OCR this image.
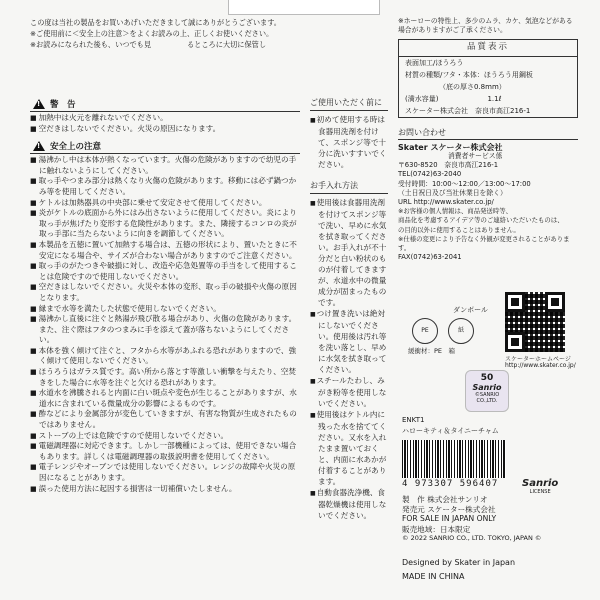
この度は当社の製品をお買いあげいただきまして誠にありがとうございます。
※ご使用前に＜安全上の注意＞をよくお読みの上、正しくお使いください。
※お読みになられた後も、いつでも見　　　　　るところに大切に保管し
!
警　告

■ 加熱中は火元を離れないでください。

■ 空だきはしないでください。火災の原因になります。

!
安全上の注意

■ 湯沸かし中は本体が熱くなっています。火傷の危険がありますので幼児の手に触れないようにしてください。

■ 取っ手やつまみ部分は熱くなり火傷の危険があります。移動には必ず鍋つかみ等を使用してください。

■ ケトルは加熱器具の中央部に乗せて安定させて使用してください。

■ 炎がケトルの底面から外にはみ出さないように使用してください。炎により取っ手が焦げたり変形する危険性があります。また、隣接するコンロの炎が取っ手部に当たらないように向きを調節してください。

■ 本製品を五徳に置いて加熱する場合は、五徳の形状により、置いたときに不安定になる場合や、サイズが合わない場合がありますのでご注意ください。

■ 取っ手のがたつきや破損に対し、改造や応急処置等の手当をして使用することは危険ですので使用しないでください。

■ 空だきはしないでください。火災や本体の変形、取っ手の破損や火傷の原因となります。

■ 縁まで水等を満たした状態で使用しないでください。

■ 湯沸かし直後に注ぐと熱湯が飛び散る場合があり、火傷の危険があります。また、注ぐ際はフタのつまみに手を添えて蓋が落ちないようにしてください。

■ 本体を強く傾けて注ぐと、フタから水等があふれる恐れがありますので、強く傾けて使用しないでください。

■ ほうろうはガラス質です。高い所から落とす等激しい衝撃を与えたり、空焚きをした場合に水等を注ぐと欠ける恐れがあります。

■ 水道水を沸騰されると内面に白い斑点や変色が生じることがありますが、水道水に含まれている微量成分の影響によるものです。

■ 酢などにより金属部分が変色していきますが、有害な物質が生成されたものではありません。

■ ストーブの上では危険ですので使用しないでください。

■ 電磁調理器に対応できます。しかし一部機種によっては、使用できない場合もあります。詳しくは電磁調理器の取扱説明書を使用してください。

■ 電子レンジやオーブンでは使用しないでください。レンジの故障や火災の原因になることがあります。

■ 誤った使用方法に起因する損害は一切補償いたしません。

ご使用いただく前に

■ 初めて使用する時は食器用洗剤を付けて、スポンジ等で十分に洗いすすいでください。

お手入れ方法

■ 使用後は食器用洗剤を付けてスポンジ等で洗い、早めに水気を拭き取ってください。お手入れが不十分だと白い粉状のものが付着してきますが、水道水中の微量成分が固まったものです。

■ つけ置き洗いは絶対にしないでください。使用後は汚れ等を洗い落とし、早めに水気を拭き取ってください。

■ スチールたわし、みがき粉等を使用しないでください。

■ 使用後はケトル内に残った水を捨ててください。又水を入れたまま置いておくと、内面に水あかが付着することがあります。

■ 自動食器洗浄機、食器乾燥機は使用しないでください。

※ホーローの特性上、多少のムラ、カケ、気泡などがある場合がありますがご了承ください。
品質表示
表面加工/ほうろう
材質の種類/フタ・本体：ほうろう用鋼板
（底の厚さ0.8mm）
(満水容量)　　　　　　　1.1ℓ
スケーター株式会社　奈良市高江216-1
お問い合わせ
Skater スケーター株式会社
消費者サービス係
〒630-8520　奈良市高江216-1
TEL(0742)63-2040
受付時間：10:00〜12:00／13:00〜17:00
（土日祝日及び当社休業日を除く）
URL http://www.skater.co.jp/
※お客様の個人情報は、商品発送時等、
商品化を考慮するアイデア等のご連絡いただいたものは、
の目的以外に使用することはありません。
※仕様の変更により予告なく外観が変更されることがあります。
FAX(0742)63-2041
ダンボール
PE	紙
緩衝材：PE　箱
スケーターホームページ
http://www.skater.co.jp/
50
Sanrio
©SANRIO CO.,LTD.
ENKT1
ハローキティ＆タイニーチャム
4 973307 596407 Sanrio
LICENSE
製　作 株式会社サンリオ
発売元 スケーター株式会社
FOR SALE IN JAPAN ONLY
販売地域：日本限定
© 2022 SANRIO CO., LTD. TOKYO, JAPAN ©
Designed by Skater in Japan
MADE IN CHINA
